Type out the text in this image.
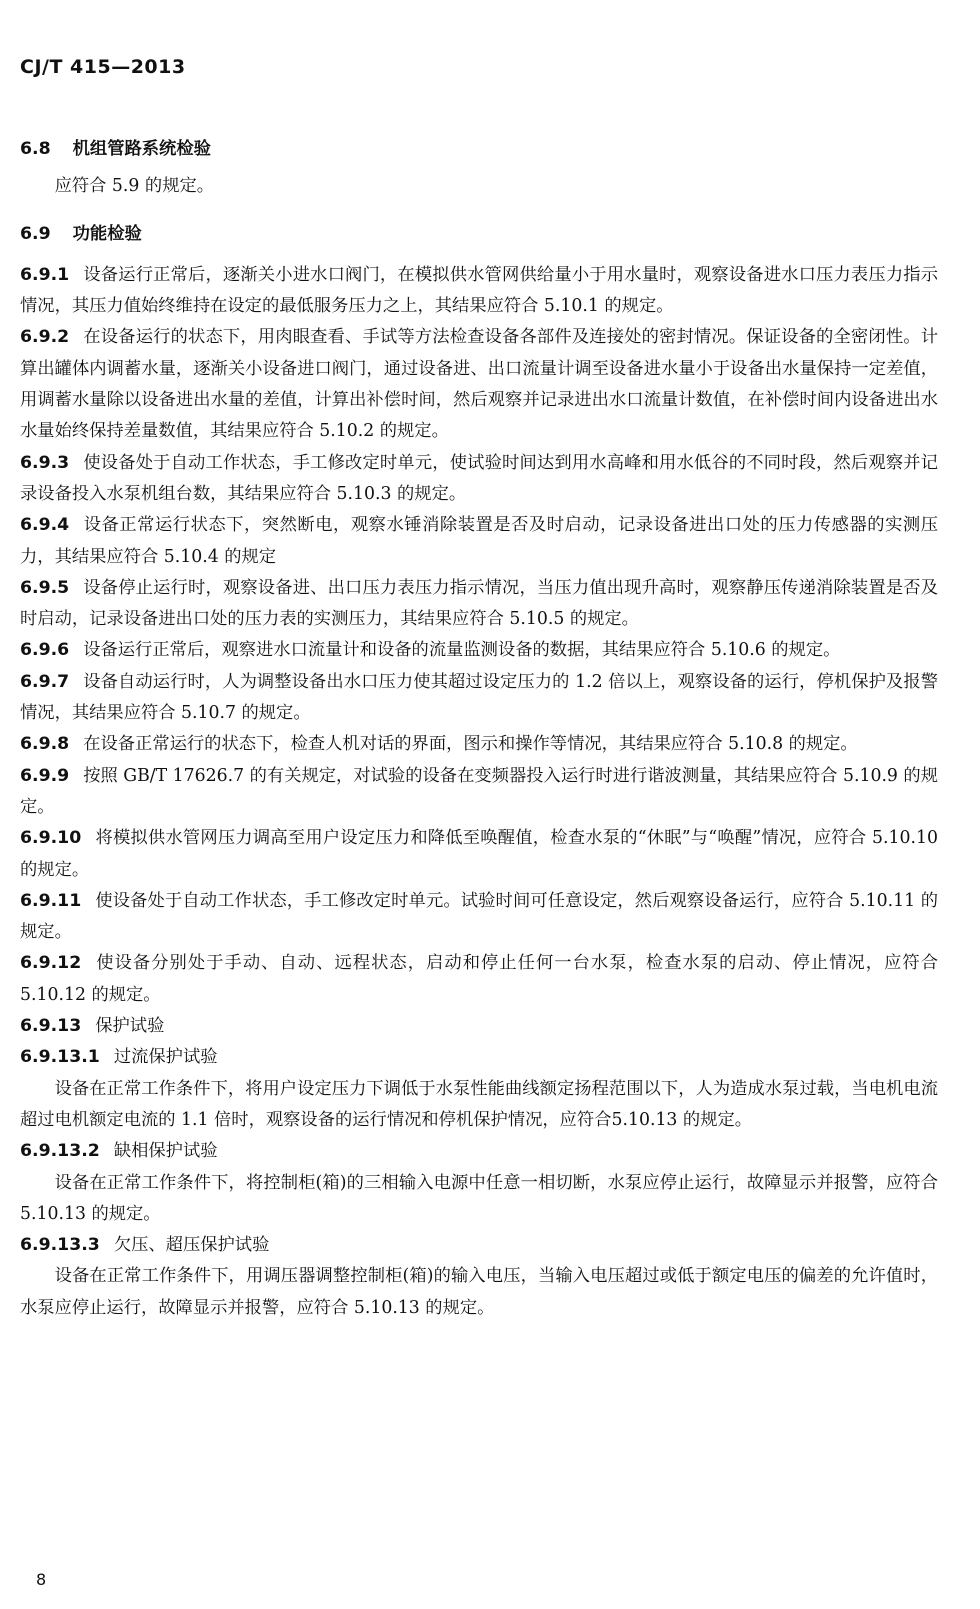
CJ/T 415—2013
6.8 机组管路系统检验
应符合 5.9 的规定。
6.9 功能检验
6.9.1 设备运行正常后，逐渐关小进水口阀门，在模拟供水管网供给量小于用水量时，观察设备进水口压力表压力指示情况，其压力值始终维持在设定的最低服务压力之上，其结果应符合 5.10.1 的规定。
6.9.2 在设备运行的状态下，用肉眼查看、手试等方法检查设备各部件及连接处的密封情况。保证设备的全密闭性。计算出罐体内调蓄水量，逐渐关小设备进口阀门，通过设备进、出口流量计调至设备进水量小于设备出水量保持一定差值，用调蓄水量除以设备进出水量的差值，计算出补偿时间，然后观察并记录进出水口流量计数值，在补偿时间内设备进出水水量始终保持差量数值，其结果应符合 5.10.2 的规定。
6.9.3 使设备处于自动工作状态，手工修改定时单元，使试验时间达到用水高峰和用水低谷的不同时段，然后观察并记录设备投入水泵机组台数，其结果应符合 5.10.3 的规定。
6.9.4 设备正常运行状态下，突然断电，观察水锤消除装置是否及时启动，记录设备进出口处的压力传感器的实测压力，其结果应符合 5.10.4 的规定
6.9.5 设备停止运行时，观察设备进、出口压力表压力指示情况，当压力值出现升高时，观察静压传递消除装置是否及时启动，记录设备进出口处的压力表的实测压力，其结果应符合 5.10.5 的规定。
6.9.6 设备运行正常后，观察进水口流量计和设备的流量监测设备的数据，其结果应符合 5.10.6 的规定。
6.9.7 设备自动运行时，人为调整设备出水口压力使其超过设定压力的 1.2 倍以上，观察设备的运行，停机保护及报警情况，其结果应符合 5.10.7 的规定。
6.9.8 在设备正常运行的状态下，检查人机对话的界面，图示和操作等情况，其结果应符合 5.10.8 的规定。
6.9.9 按照 GB/T 17626.7 的有关规定，对试验的设备在变频器投入运行时进行谐波测量，其结果应符合 5.10.9 的规定。
6.9.10 将模拟供水管网压力调高至用户设定压力和降低至唤醒值，检查水泵的“休眠”与“唤醒”情况，应符合 5.10.10 的规定。
6.9.11 使设备处于自动工作状态，手工修改定时单元。试验时间可任意设定，然后观察设备运行，应符合 5.10.11 的规定。
6.9.12 使设备分别处于手动、自动、远程状态，启动和停止任何一台水泵，检查水泵的启动、停止情况，应符合 5.10.12 的规定。
6.9.13 保护试验
6.9.13.1 过流保护试验
设备在正常工作条件下，将用户设定压力下调低于水泵性能曲线额定扬程范围以下，人为造成水泵过载，当电机电流超过电机额定电流的 1.1 倍时，观察设备的运行情况和停机保护情况，应符合5.10.13 的规定。
6.9.13.2 缺相保护试验
设备在正常工作条件下，将控制柜(箱)的三相输入电源中任意一相切断，水泵应停止运行，故障显示并报警，应符合 5.10.13 的规定。
6.9.13.3 欠压、超压保护试验
设备在正常工作条件下，用调压器调整控制柜(箱)的输入电压，当输入电压超过或低于额定电压的偏差的允许值时，水泵应停止运行，故障显示并报警，应符合 5.10.13 的规定。
8
